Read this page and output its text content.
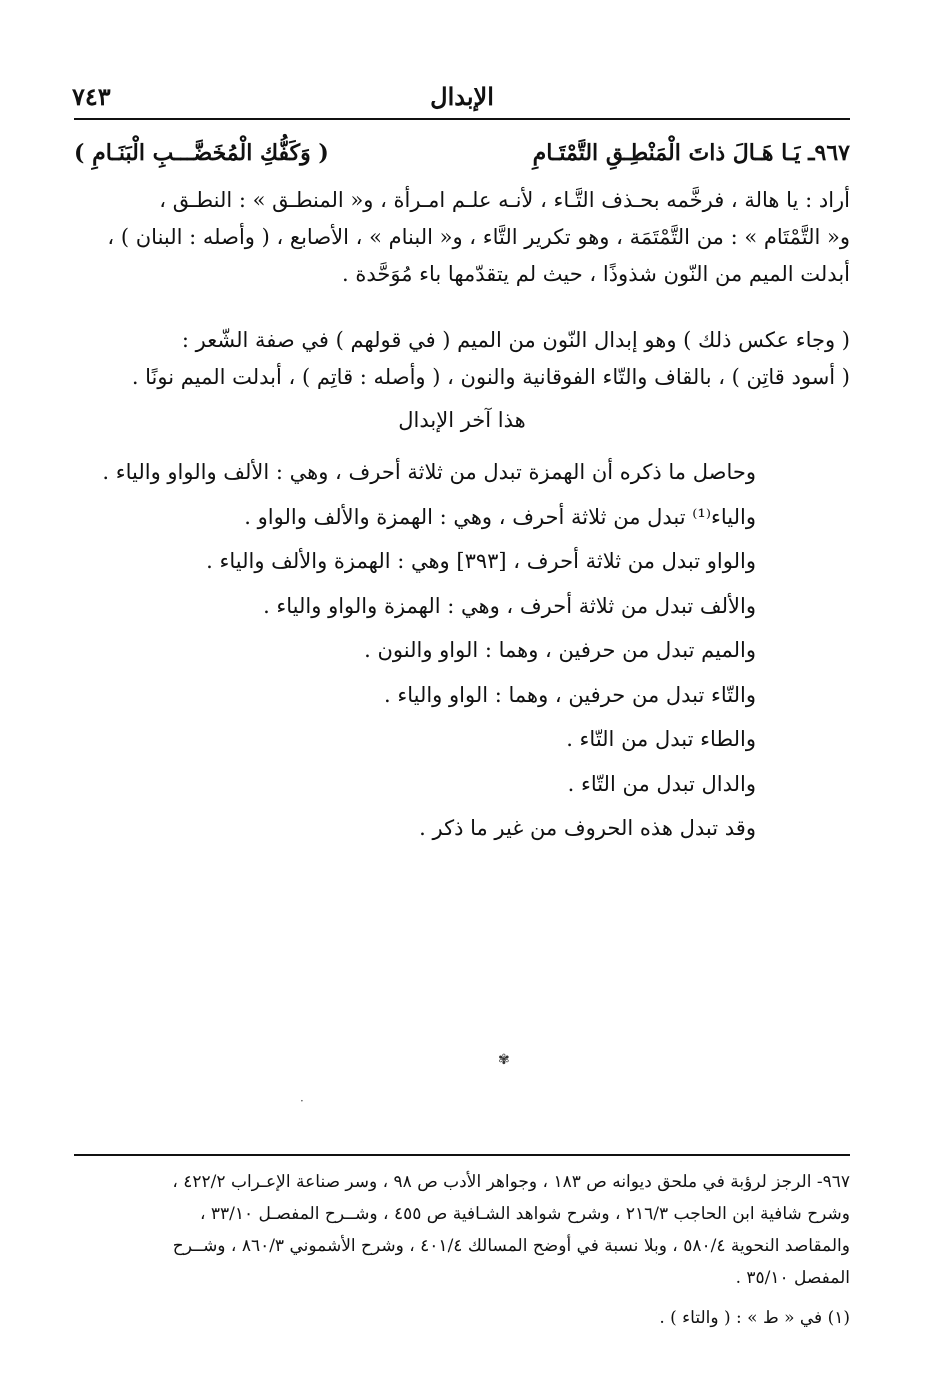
الإبدال
٧٤٣
٩٦٧ـ يَـا هَـالَ ذاتَ الْمَنْطِـقِ التَّمْتَـامِ
( وَكَفُّكِ الْمُخَضَّـــبِ الْبَنَـامِ )

أراد : يا هالة ، فرخَّمه بحـذف التَّـاء ، لأنـه علـم امـرأة ، و« المنطـق » : النطـق ،

و« التَّمْتَام » : من التَّمْتَمَة ، وهو تكرير التَّاء ، و« البنام » ، الأصابع ، ( وأصله : البنان ) ،

أبدلت الميم من النّون شذوذًا ، حيث لم يتقدّمها باء مُوَحَّدة .

( وجاء عكس ذلك ) وهو إبدال النّون من الميم ( في قولهم ) في صفة الشّعر :

( أسود قاتِن ) ، بالقاف والتّاء الفوقانية والنون ، ( وأصله : قاتِم ) ، أبدلت الميم نونًا .

هذا آخر الإبدال

وحاصل ما ذكره أن الهمزة تبدل من ثلاثة أحرف ، وهي : الألف والواو والياء .

والياء⁽¹⁾ تبدل من ثلاثة أحرف ، وهي : الهمزة والألف والواو .

والواو تبدل من ثلاثة أحرف ، [٣٩٣] وهي : الهمزة والألف والياء .

والألف تبدل من ثلاثة أحرف ، وهي : الهمزة والواو والياء .

والميم تبدل من حرفين ، وهما : الواو والنون .

والتّاء تبدل من حرفين ، وهما : الواو والياء .

والطاء تبدل من التّاء .

والدال تبدل من التّاء .

وقد تبدل هذه الحروف من غير ما ذكر .

✾
·

٩٦٧- الرجز لرؤبة في ملحق ديوانه ص ١٨٣ ، وجواهر الأدب ص ٩٨ ، وسر صناعة الإعـراب ٤٢٢/٢ ،

وشرح شافية ابن الحاجب ٢١٦/٣ ، وشرح شواهد الشـافية ص ٤٥٥ ، وشــرح المفصـل ٣٣/١٠ ،

والمقاصد النحوية ٥٨٠/٤ ، وبلا نسبة في أوضح المسالك ٤٠١/٤ ، وشرح الأشموني ٨٦٠/٣ ، وشــرح

المفصل ٣٥/١٠ .

(١) في « ط » : ( والتاء ) .
